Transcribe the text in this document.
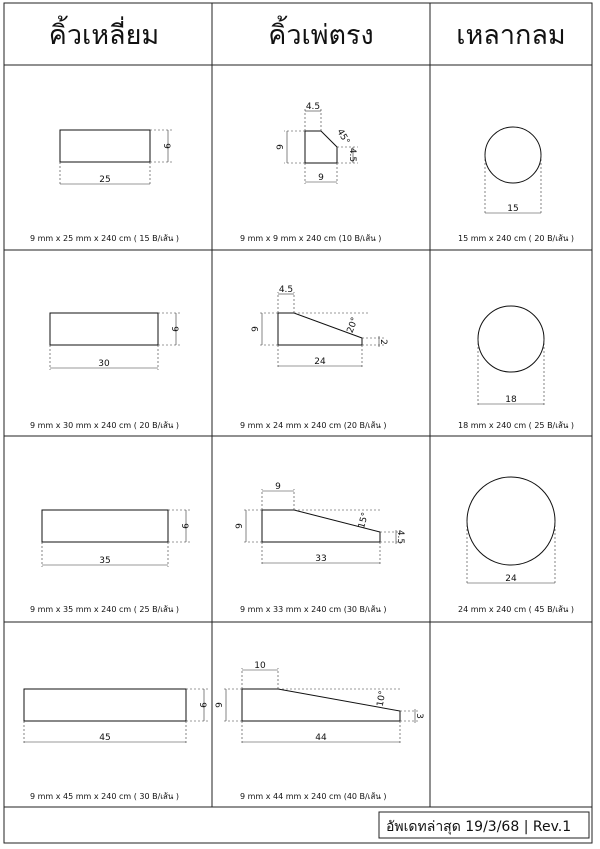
คิ้วเหลี่ยม	คิ้วเพ่ตรง	เหลากลม
25
9
9 mm x 25 mm x 240 cm ( 15 B/เส้น )
30
9
9 mm x 30 mm x 240 cm ( 20 B/เส้น )
35
9
9 mm x 35 mm x 240 cm ( 25 B/เส้น )
45
9
9 mm x 45 mm x 240 cm ( 30 B/เส้น )
4.5
9
9
4.5
45°
9 mm x 9 mm x 240 cm (10 B/เส้น )
4.5
9
24
2
20°
9 mm x 24 mm x 240 cm (20 B/เส้น )
9
9
33
4.5
15°
9 mm x 33 mm x 240 cm (30 B/เส้น )
10
9
44
3
10°
9 mm x 44 mm x 240 cm (40 B/เส้น )
15
15 mm x 240 cm ( 20 B/เส้น )
18
18 mm x 240 cm ( 25 B/เส้น )
24
24 mm x 240 cm ( 45 B/เส้น )
อัพเดทล่าสุด 19/3/68 | Rev.1
